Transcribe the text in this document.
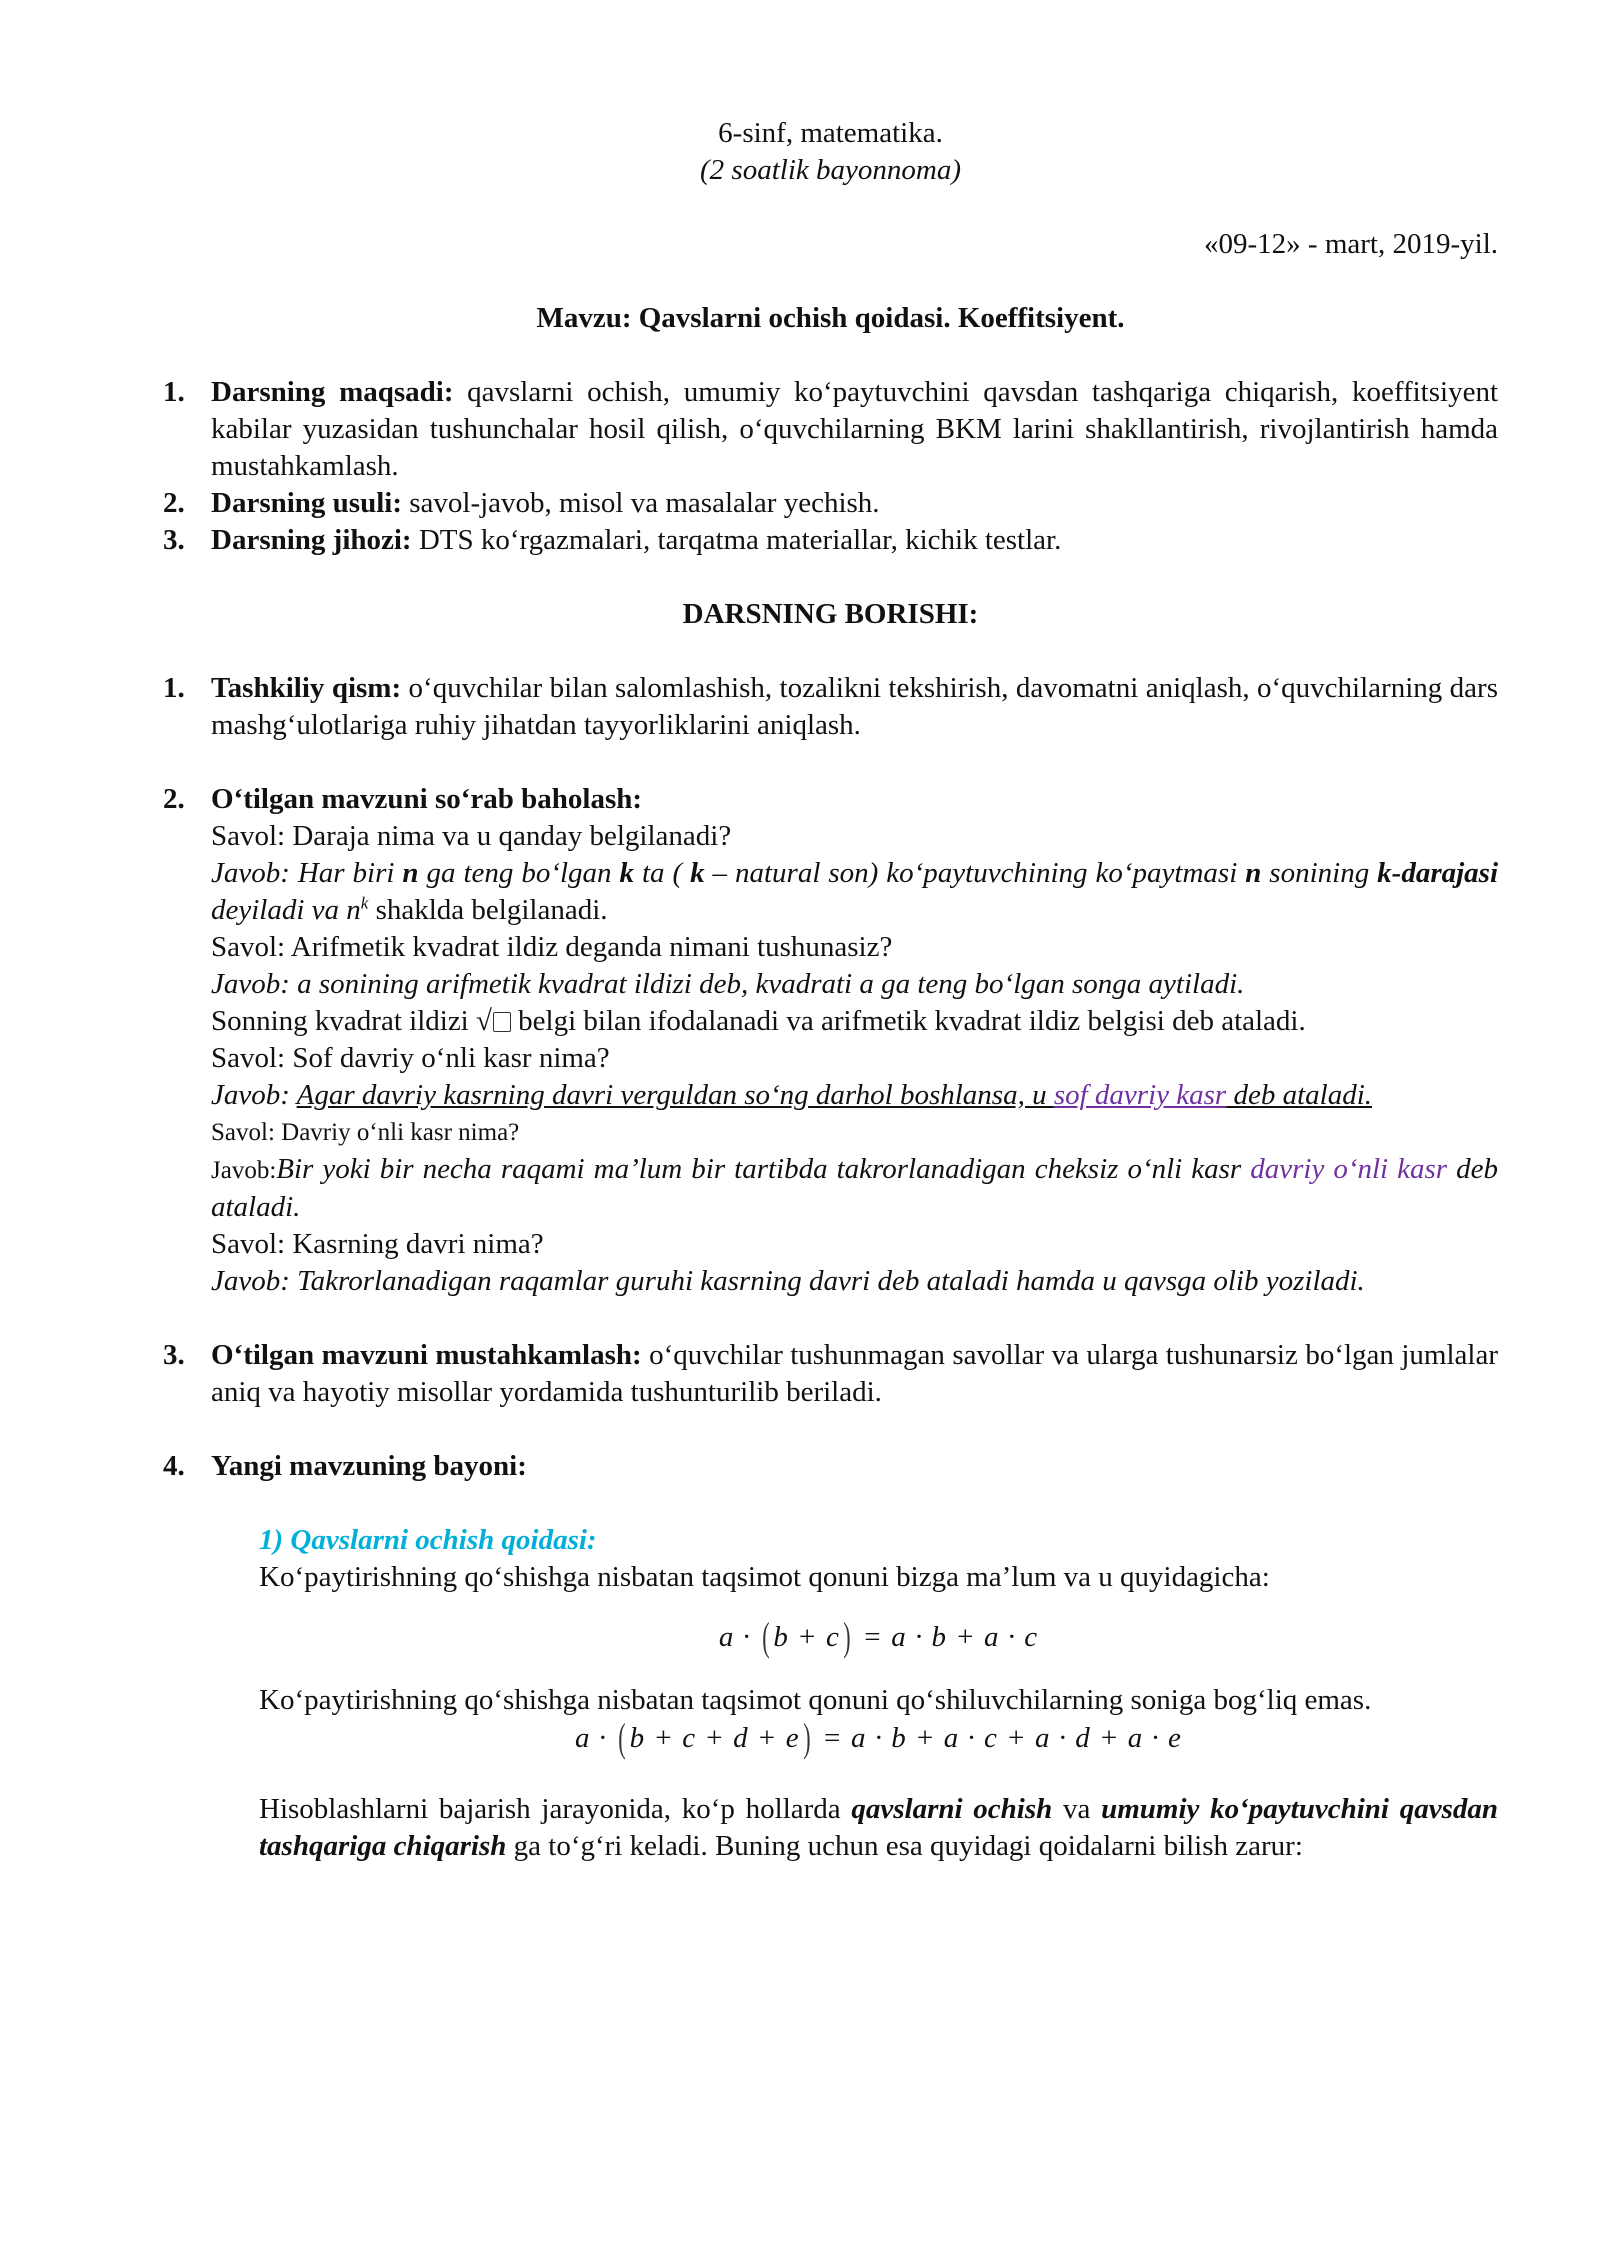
6-sinf, matematika.

(2 soatlik bayonnoma)

«09-12» - mart, 2019-yil.

Mavzu: Qavslarni ochish qoidasi. Koeffitsiyent.

1. Darsning maqsadi: qavslarni ochish, umumiy ko‘paytuvchini qavsdan tashqariga chiqarish, koeffitsiyent kabilar yuzasidan tushunchalar hosil qilish, o‘quvchilarning BKM larini shakllantirish, rivojlantirish hamda mustahkamlash.
2. Darsning usuli: savol-javob, misol va masalalar yechish.
3. Darsning jihozi: DTS ko‘rgazmalari, tarqatma materiallar, kichik testlar.

DARSNING BORISHI:

1. Tashkiliy qism: o‘quvchilar bilan salomlashish, tozalikni tekshirish, davomatni aniqlash, o‘quvchilarning dars mashg‘ulotlariga ruhiy jihatdan tayyorliklarini aniqlash.
2. O‘tilgan mavzuni so‘rab baholash:

Savol: Daraja nima va u qanday belgilanadi?

Javob: Har biri n ga teng bo‘lgan k ta ( k – natural son) ko‘paytuvchining ko‘paytmasi n sonining k-darajasi deyiladi va $n^k$ shaklda belgilanadi.

Savol: Arifmetik kvadrat ildiz deganda nimani tushunasiz?

Javob: a sonining arifmetik kvadrat ildizi deb, kvadrati a ga teng bo‘lgan songa aytiladi.

Sonning kvadrat ildizi √ belgi bilan ifodalanadi va arifmetik kvadrat ildiz belgisi deb ataladi.

Savol: Sof davriy o‘nli kasr nima?

Javob: Agar davriy kasrning davri verguldan so‘ng darhol boshlansa, u sof davriy kasr deb ataladi.

Savol: Davriy o‘nli kasr nima?

Javob:Bir yoki bir necha raqami ma’lum bir tartibda takrorlanadigan cheksiz o‘nli kasr davriy o‘nli kasr deb ataladi.

Savol: Kasrning davri nima?

Javob: Takrorlanadigan raqamlar guruhi kasrning davri deb ataladi hamda u qavsga olib yoziladi.

3. O‘tilgan mavzuni mustahkamlash: o‘quvchilar tushunmagan savollar va ularga tushunarsiz bo‘lgan jumlalar aniq va hayotiy misollar yordamida tushunturilib beriladi.
4. Yangi mavzuning bayoni:

1) Qavslarni ochish qoidasi:

Ko‘paytirishning qo‘shishga nisbatan taqsimot qonuni bizga ma’lum va u quyidagicha:

a · ( b + c) = a · b + a · c

Ko‘paytirishning qo‘shishga nisbatan taqsimot qonuni qo‘shiluvchilarning soniga bog‘liq emas.

a · ( b + c + d + e) = a · b + a · c + a · d + a · e

Hisoblashlarni bajarish jarayonida, ko‘p hollarda qavslarni ochish va umumiy ko‘paytuvchini qavsdan tashqariga chiqarish ga to‘g‘ri keladi. Buning uchun esa quyidagi qoidalarni bilish zarur:
